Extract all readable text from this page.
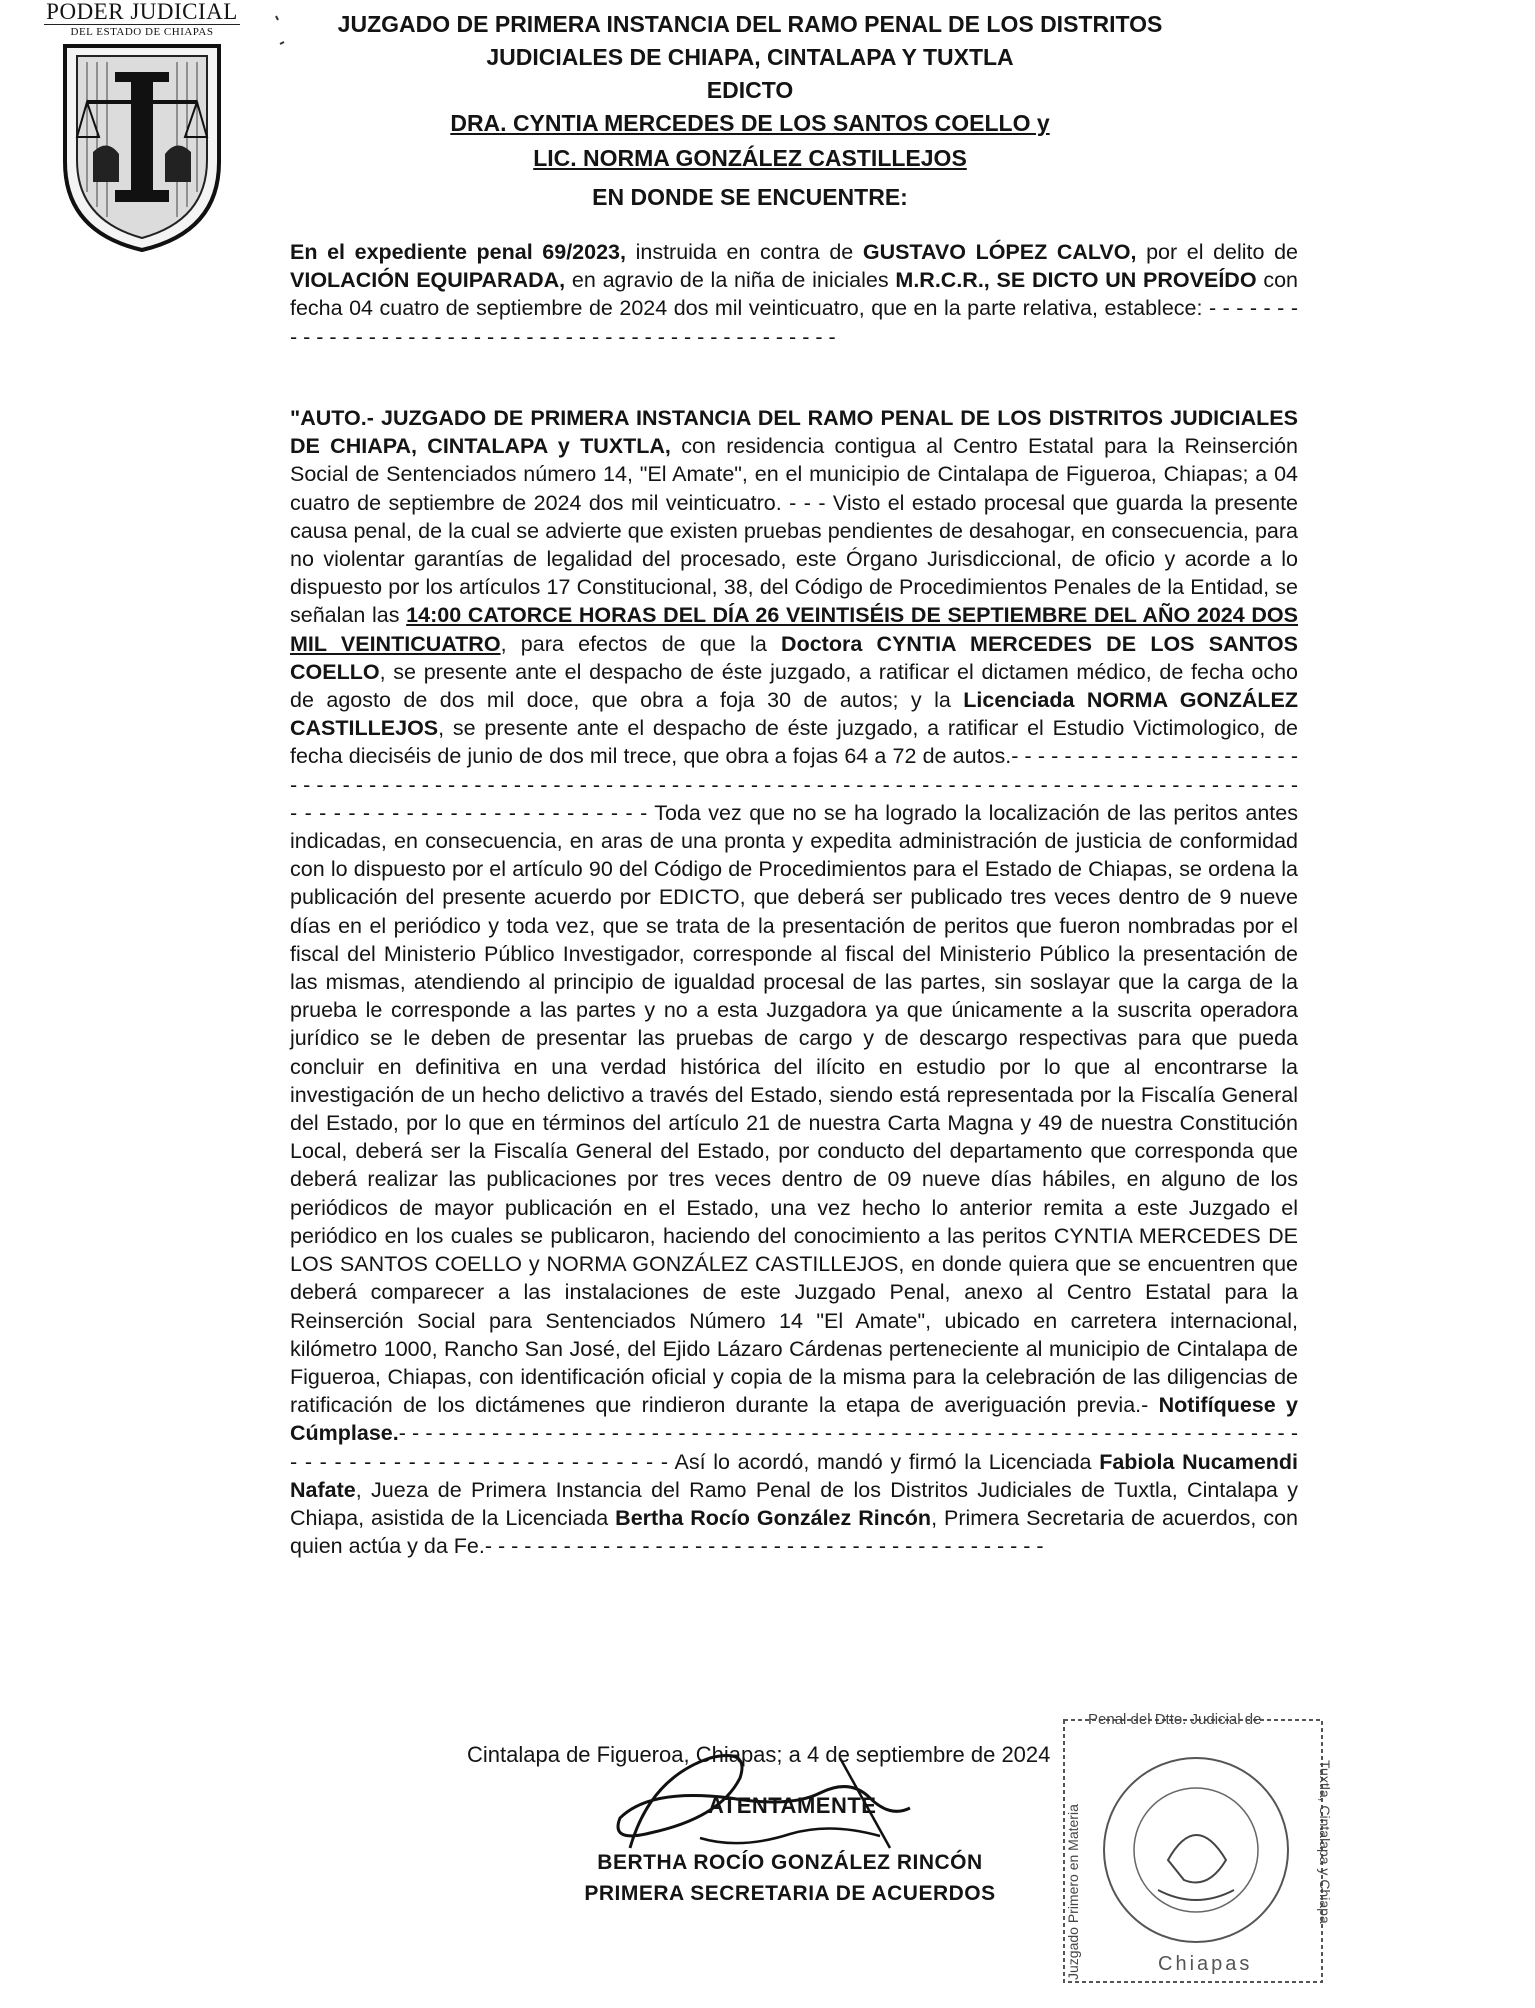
PODER JUDICIAL
DEL ESTADO DE CHIAPAS	JUZGADO DE PRIMERA INSTANCIA DEL RAMO PENAL DE LOS DISTRITOS
JUDICIALES DE CHIAPA, CINTALAPA Y TUXTLA
EDICTO
DRA. CYNTIA MERCEDES DE LOS SANTOS COELLO y
LIC. NORMA GONZÁLEZ CASTILLEJOS
EN DONDE SE ENCUENTRE:

En el expediente penal 69/2023, instruida en contra de GUSTAVO LÓPEZ CALVO, por el delito de VIOLACIÓN EQUIPARADA, en agravio de la niña de iniciales M.R.C.R., SE DICTO UN PROVEÍDO con fecha 04 cuatro de septiembre de 2024 dos mil veinticuatro, que en la parte relativa, establece: - - - - - - - - - - - - - - - - - - - - - - - - - - - - - - - - - - - - - - - - - - - - - - - - -

"AUTO.- JUZGADO DE PRIMERA INSTANCIA DEL RAMO PENAL DE LOS DISTRITOS JUDICIALES DE CHIAPA, CINTALAPA y TUXTLA, con residencia contigua al Centro Estatal para la Reinserción Social de Sentenciados número 14, "El Amate", en el municipio de Cintalapa de Figueroa, Chiapas; a 04 cuatro de septiembre de 2024 dos mil veinticuatro. - - - Visto el estado procesal que guarda la presente causa penal, de la cual se advierte que existen pruebas pendientes de desahogar, en consecuencia, para no violentar garantías de legalidad del procesado, este Órgano Jurisdiccional, de oficio y acorde a lo dispuesto por los artículos 17 Constitucional, 38, del Código de Procedimientos Penales de la Entidad, se señalan las 14:00 CATORCE HORAS DEL DÍA 26 VEINTISÉIS DE SEPTIEMBRE DEL AÑO 2024 DOS MIL VEINTICUATRO, para efectos de que la Doctora CYNTIA MERCEDES DE LOS SANTOS COELLO, se presente ante el despacho de éste juzgado, a ratificar el dictamen médico, de fecha ocho de agosto de dos mil doce, que obra a foja 30 de autos; y la Licenciada NORMA GONZÁLEZ CASTILLEJOS, se presente ante el despacho de éste juzgado, a ratificar el Estudio Victimologico, de fecha dieciséis de junio de dos mil trece, que obra a fojas 64 a 72 de autos.- - - - - - - - - - - - - - - - - - - - - - - - - - - - - - - - - - - - - - - - - - - - - - - - - - - - - - - - - - - - - - - - - - - - - - - - - - - - - - - - - - - - - - - - - - - - - - - - - - - - - - - - - - - - - - - - - - - - - - - - - - - - Toda vez que no se ha logrado la localización de las peritos antes indicadas, en consecuencia, en aras de una pronta y expedita administración de justicia de conformidad con lo dispuesto por el artículo 90 del Código de Procedimientos para el Estado de Chiapas, se ordena la publicación del presente acuerdo por EDICTO, que deberá ser publicado tres veces dentro de 9 nueve días en el periódico y toda vez, que se trata de la presentación de peritos que fueron nombradas por el fiscal del Ministerio Público Investigador, corresponde al fiscal del Ministerio Público la presentación de las mismas, atendiendo al principio de igualdad procesal de las partes, sin soslayar que la carga de la prueba le corresponde a las partes y no a esta Juzgadora ya que únicamente a la suscrita operadora jurídico se le deben de presentar las pruebas de cargo y de descargo respectivas para que pueda concluir en definitiva en una verdad histórica del ilícito en estudio por lo que al encontrarse la investigación de un hecho delictivo a través del Estado, siendo está representada por la Fiscalía General del Estado, por lo que en términos del artículo 21 de nuestra Carta Magna y 49 de nuestra Constitución Local, deberá ser la Fiscalía General del Estado, por conducto del departamento que corresponda que deberá realizar las publicaciones por tres veces dentro de 09 nueve días hábiles, en alguno de los periódicos de mayor publicación en el Estado, una vez hecho lo anterior remita a este Juzgado el periódico en los cuales se publicaron, haciendo del conocimiento a las peritos CYNTIA MERCEDES DE LOS SANTOS COELLO y NORMA GONZÁLEZ CASTILLEJOS, en donde quiera que se encuentren que deberá comparecer a las instalaciones de este Juzgado Penal, anexo al Centro Estatal para la Reinserción Social para Sentenciados Número 14 "El Amate", ubicado en carretera internacional, kilómetro 1000, Rancho San José, del Ejido Lázaro Cárdenas perteneciente al municipio de Cintalapa de Figueroa, Chiapas, con identificación oficial y copia de la misma para la celebración de las diligencias de ratificación de los dictámenes que rindieron durante la etapa de averiguación previa.- Notifíquese y Cúmplase.- - - - - - - - - - - - - - - - - - - - - - - - - - - - - - - - - - - - - - - - - - - - - - - - - - - - - - - - - - - - - - - - - - - - - - - - - - - - - - - - - - - - - - - - - - - - - - Así lo acordó, mandó y firmó la Licenciada Fabiola Nucamendi Nafate, Jueza de Primera Instancia del Ramo Penal de los Distritos Judiciales de Tuxtla, Cintalapa y Chiapa, asistida de la Licenciada Bertha Rocío González Rincón, Primera Secretaria de acuerdos, con quien actúa y da Fe.- - - - - - - - - - - - - - - - - - - - - - - - - - - - - - - - - - - - - - - - - - -

Cintalapa de Figueroa, Chiapas; a 4 de septiembre de 2024
ATENTAMENTE
BERTHA ROCÍO GONZÁLEZ RINCÓN
PRIMERA SECRETARIA DE ACUERDOS
Penal del Dtto. Judicial de
Tuxtla, Cintalapa y Chiapa
Juzgado Primero en Materia	Chiapas
